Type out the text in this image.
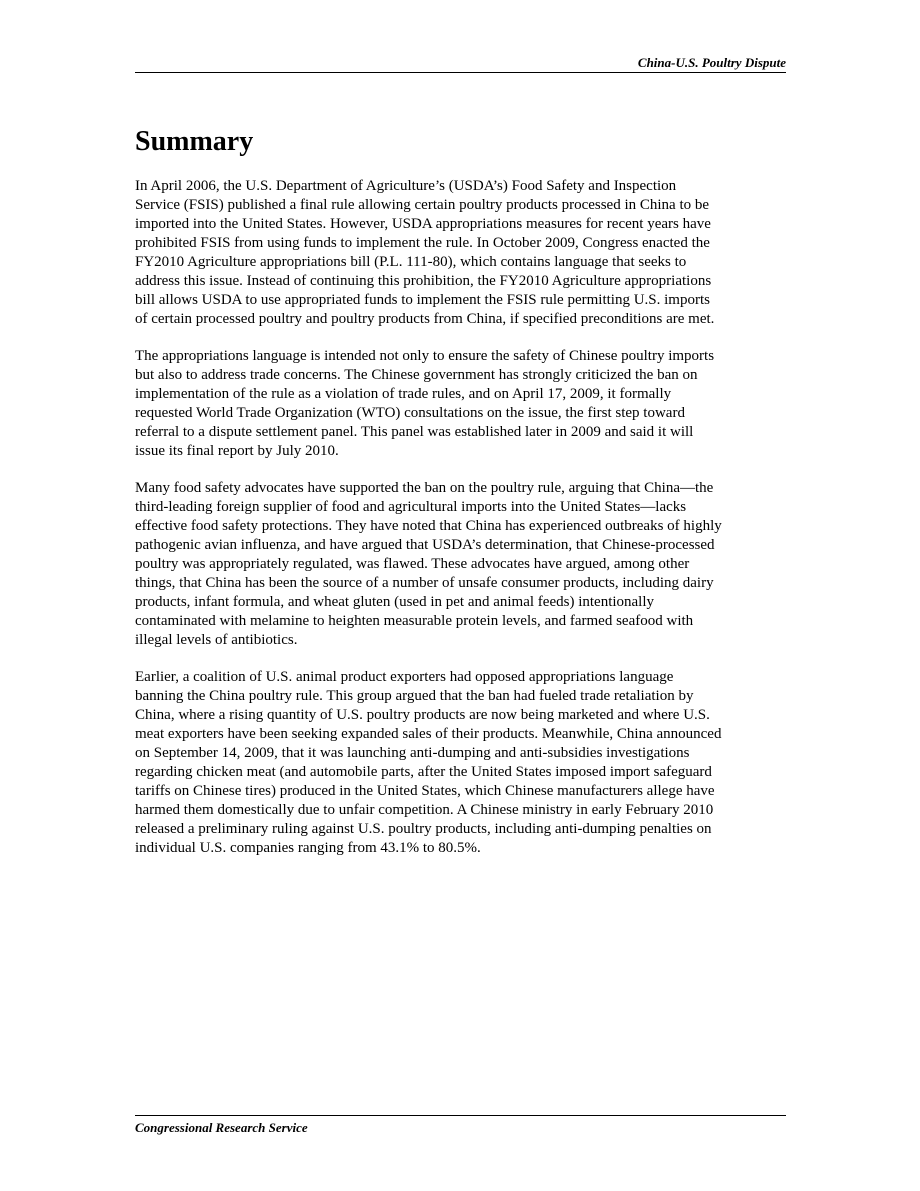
China-U.S. Poultry Dispute
Summary

In April 2006, the U.S. Department of Agriculture’s (USDA’s) Food Safety and Inspection
Service (FSIS) published a final rule allowing certain poultry products processed in China to be
imported into the United States. However, USDA appropriations measures for recent years have
prohibited FSIS from using funds to implement the rule. In October 2009, Congress enacted the
FY2010 Agriculture appropriations bill (P.L. 111-80), which contains language that seeks to
address this issue. Instead of continuing this prohibition, the FY2010 Agriculture appropriations
bill allows USDA to use appropriated funds to implement the FSIS rule permitting U.S. imports
of certain processed poultry and poultry products from China, if specified preconditions are met.

The appropriations language is intended not only to ensure the safety of Chinese poultry imports
but also to address trade concerns. The Chinese government has strongly criticized the ban on
implementation of the rule as a violation of trade rules, and on April 17, 2009, it formally
requested World Trade Organization (WTO) consultations on the issue, the first step toward
referral to a dispute settlement panel. This panel was established later in 2009 and said it will
issue its final report by July 2010.

Many food safety advocates have supported the ban on the poultry rule, arguing that China—the
third-leading foreign supplier of food and agricultural imports into the United States—lacks
effective food safety protections. They have noted that China has experienced outbreaks of highly
pathogenic avian influenza, and have argued that USDA’s determination, that Chinese-processed
poultry was appropriately regulated, was flawed. These advocates have argued, among other
things, that China has been the source of a number of unsafe consumer products, including dairy
products, infant formula, and wheat gluten (used in pet and animal feeds) intentionally
contaminated with melamine to heighten measurable protein levels, and farmed seafood with
illegal levels of antibiotics.

Earlier, a coalition of U.S. animal product exporters had opposed appropriations language
banning the China poultry rule. This group argued that the ban had fueled trade retaliation by
China, where a rising quantity of U.S. poultry products are now being marketed and where U.S.
meat exporters have been seeking expanded sales of their products. Meanwhile, China announced
on September 14, 2009, that it was launching anti-dumping and anti-subsidies investigations
regarding chicken meat (and automobile parts, after the United States imposed import safeguard
tariffs on Chinese tires) produced in the United States, which Chinese manufacturers allege have
harmed them domestically due to unfair competition. A Chinese ministry in early February 2010
released a preliminary ruling against U.S. poultry products, including anti-dumping penalties on
individual U.S. companies ranging from 43.1% to 80.5%.

Congressional Research Service
